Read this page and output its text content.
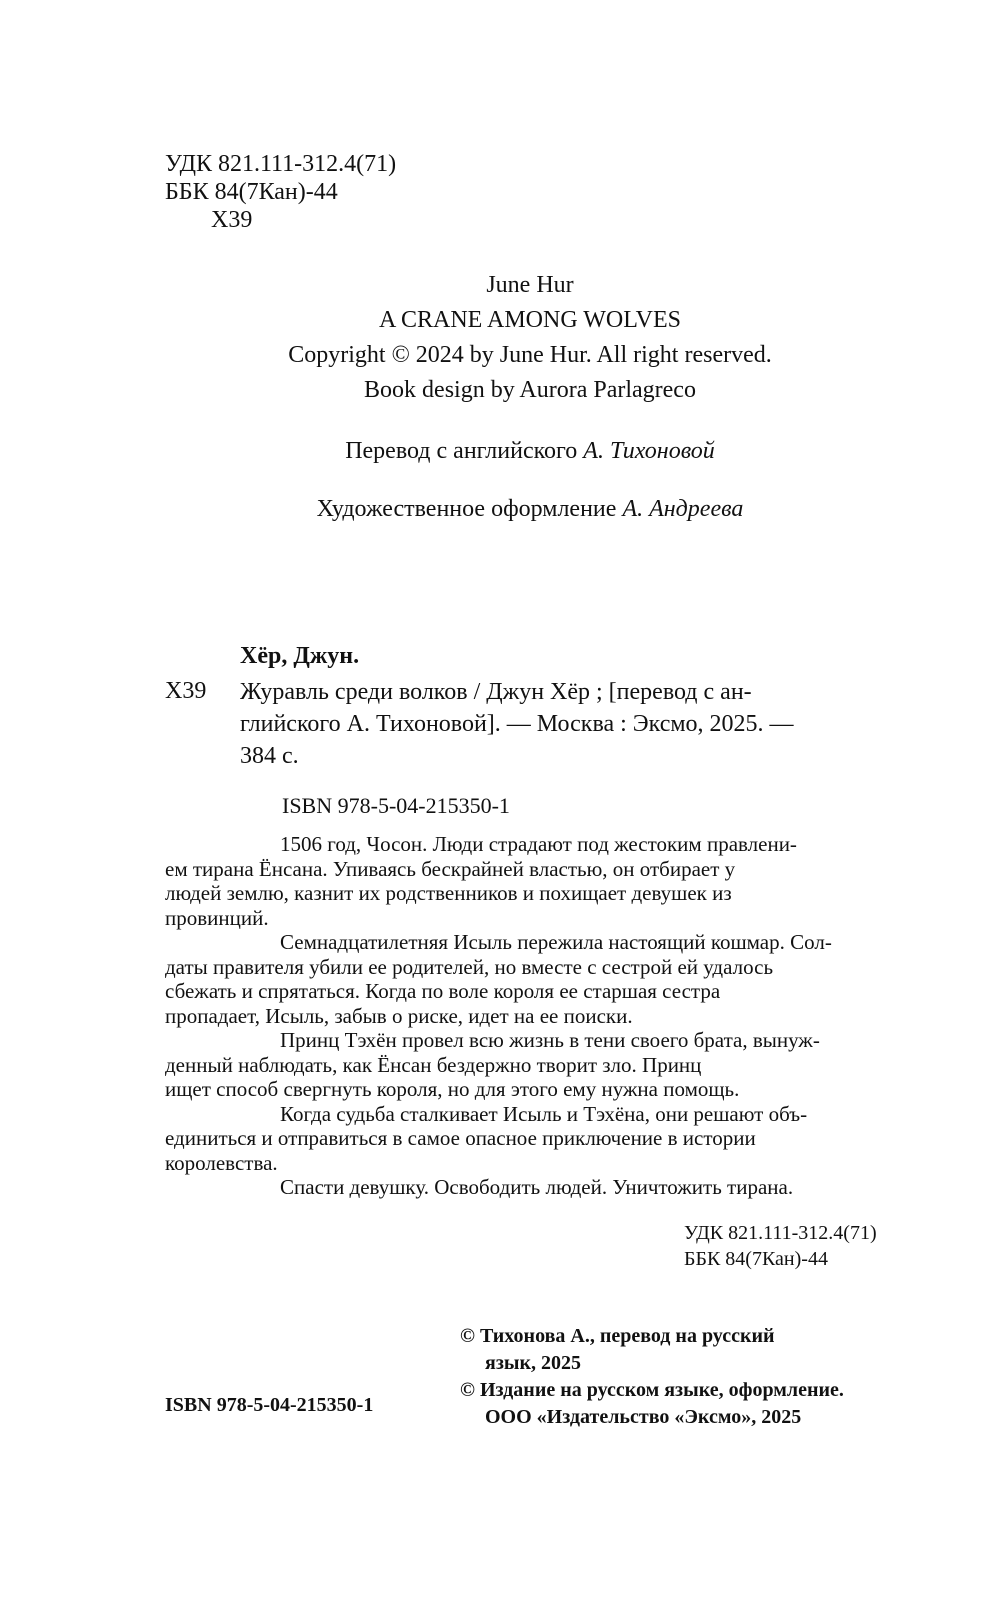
УДК 821.111-312.4(71)
ББК 84(7Кан)-44
Х39
June Hur
A CRANE AMONG WOLVES
Copyright © 2024 by June Hur. All right reserved.
Book design by Aurora Parlagreco
Перевод с английского А. Тихоновой
Художественное оформление А. Андреева
Хёр, Джун.
Х39 Журавль среди волков / Джун Хёр ; [перевод с ан-
глийского А. Тихоновой]. — Москва : Эксмо, 2025. —
384 с.
ISBN 978-5-04-215350-1

1506 год, Чосон. Люди страдают под жестоким правлени-

ем тирана Ёнсана. Упиваясь бескрайней властью, он отбирает у

людей землю, казнит их родственников и похищает девушек из

провинций.

Семнадцатилетняя Исыль пережила настоящий кошмар. Сол-

даты правителя убили ее родителей, но вместе с сестрой ей удалось

сбежать и спрятаться. Когда по воле короля ее старшая сестра

пропадает, Исыль, забыв о риске, идет на ее поиски.

Принц Тэхён провел всю жизнь в тени своего брата, вынуж-

денный наблюдать, как Ёнсан бездержно творит зло. Принц

ищет способ свергнуть короля, но для этого ему нужна помощь.

Когда судьба сталкивает Исыль и Тэхёна, они решают объ-

единиться и отправиться в самое опасное приключение в истории

королевства.

Спасти девушку. Освободить людей. Уничтожить тирана.

УДК 821.111-312.4(71)
ББК 84(7Кан)-44
© Тихонова А., перевод на русский
язык, 2025
© Издание на русском языке, оформление.
ООО «Издательство «Эксмо», 2025
ISBN 978-5-04-215350-1
